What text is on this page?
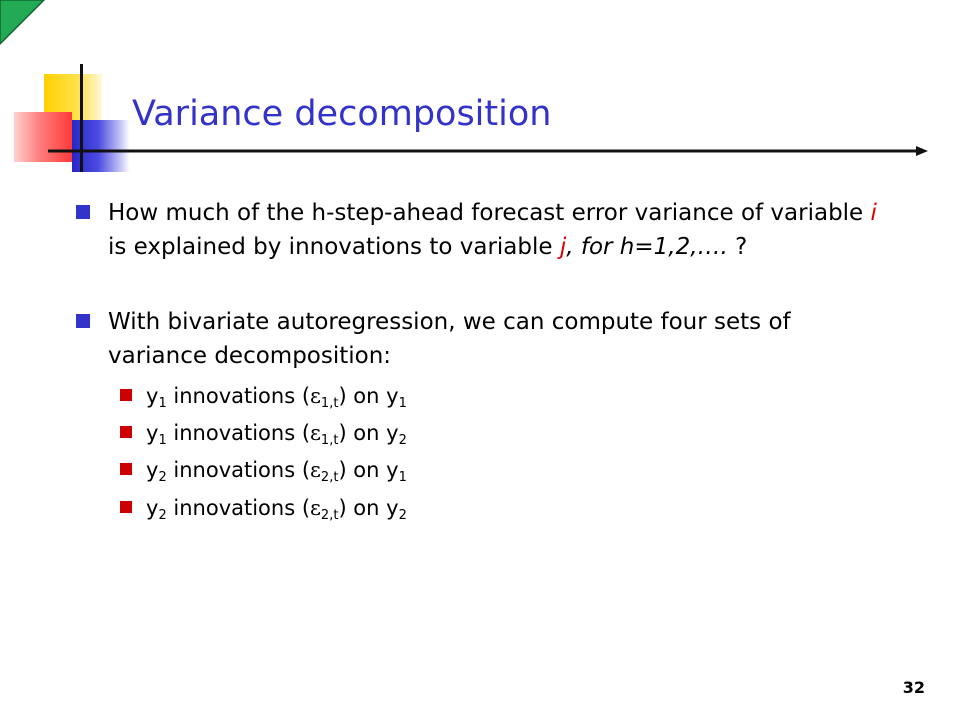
Variance decomposition
How much of the h-step-ahead forecast error variance of variable i
is explained by innovations to variable j, for h=1,2,…. ?
With bivariate autoregression, we can compute four sets of
variance decomposition:
$y_1$ innovations $(\varepsilon_{1,t})$ on $y_1$
$y_1$ innovations $(\varepsilon_{1,t})$ on $y_2$
$y_2$ innovations $(\varepsilon_{2,t})$ on $y_1$
$y_2$ innovations $(\varepsilon_{2,t})$ on $y_2$
32
